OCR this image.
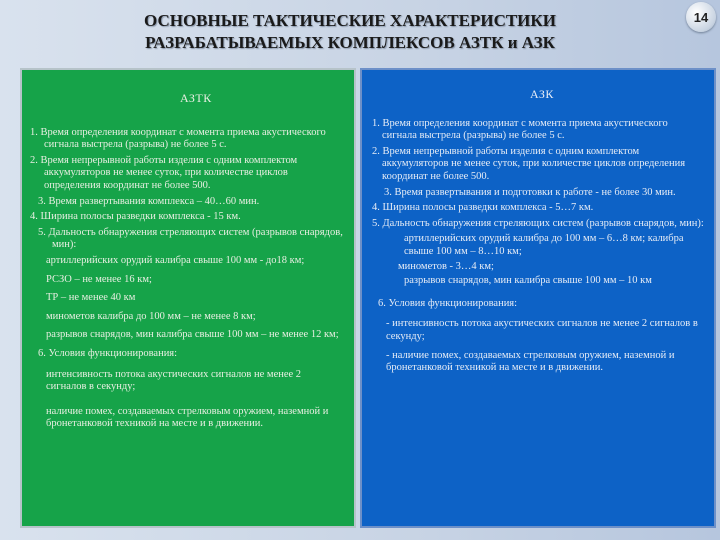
ОСНОВНЫЕ ТАКТИЧЕСКИЕ ХАРАКТЕРИСТИКИ
РАЗРАБАТЫВАЕМЫХ КОМПЛЕКСОВ АЗТК и АЗК
14
АЗТК
1. Время определения координат с момента приема акустического сигнала выстрела (разрыва) не более 5 с.
2. Время непрерывной работы изделия с одним комплектом аккумуляторов не менее суток, при количестве циклов определения координат не более 500.
3. Время развертывания комплекса – 40…60 мин.
4. Ширина полосы разведки комплекса - 15 км.
5. Дальность обнаружения стреляющих систем (разрывов снарядов, мин):
артиллерийских орудий калибра свыше 100 мм - до18 км;
РСЗО – не менее 16 км;
ТР – не менее 40 км
минометов калибра до 100 мм – не менее 8 км;
разрывов снарядов, мин калибра свыше 100 мм – не менее 12 км;
6. Условия функционирования:
интенсивность потока акустических сигналов не менее 2 сигналов в секунду;
наличие помех, создаваемых стрелковым оружием, наземной и бронетанковой техникой на месте и в движении.
АЗК
1. Время определения координат с момента приема акустического сигнала выстрела (разрыва) не более 5 с.
2. Время непрерывной работы изделия с одним комплектом аккумуляторов не менее суток, при количестве циклов определения координат не более 500.
3. Время развертывания и подготовки к работе - не более 30 мин.
4. Ширина полосы разведки комплекса - 5…7 км.
5. Дальность обнаружения стреляющих систем (разрывов снарядов, мин):
артиллерийских орудий калибра до 100 мм – 6…8 км; калибра свыше 100 мм – 8…10 км;
минометов - 3…4 км;
разрывов снарядов, мин калибра свыше 100 мм – 10 км
6. Условия функционирования:
- интенсивность потока акустических сигналов не менее 2 сигналов в секунду;
- наличие помех, создаваемых стрелковым оружием, наземной и бронетанковой техникой на месте и в движении.
